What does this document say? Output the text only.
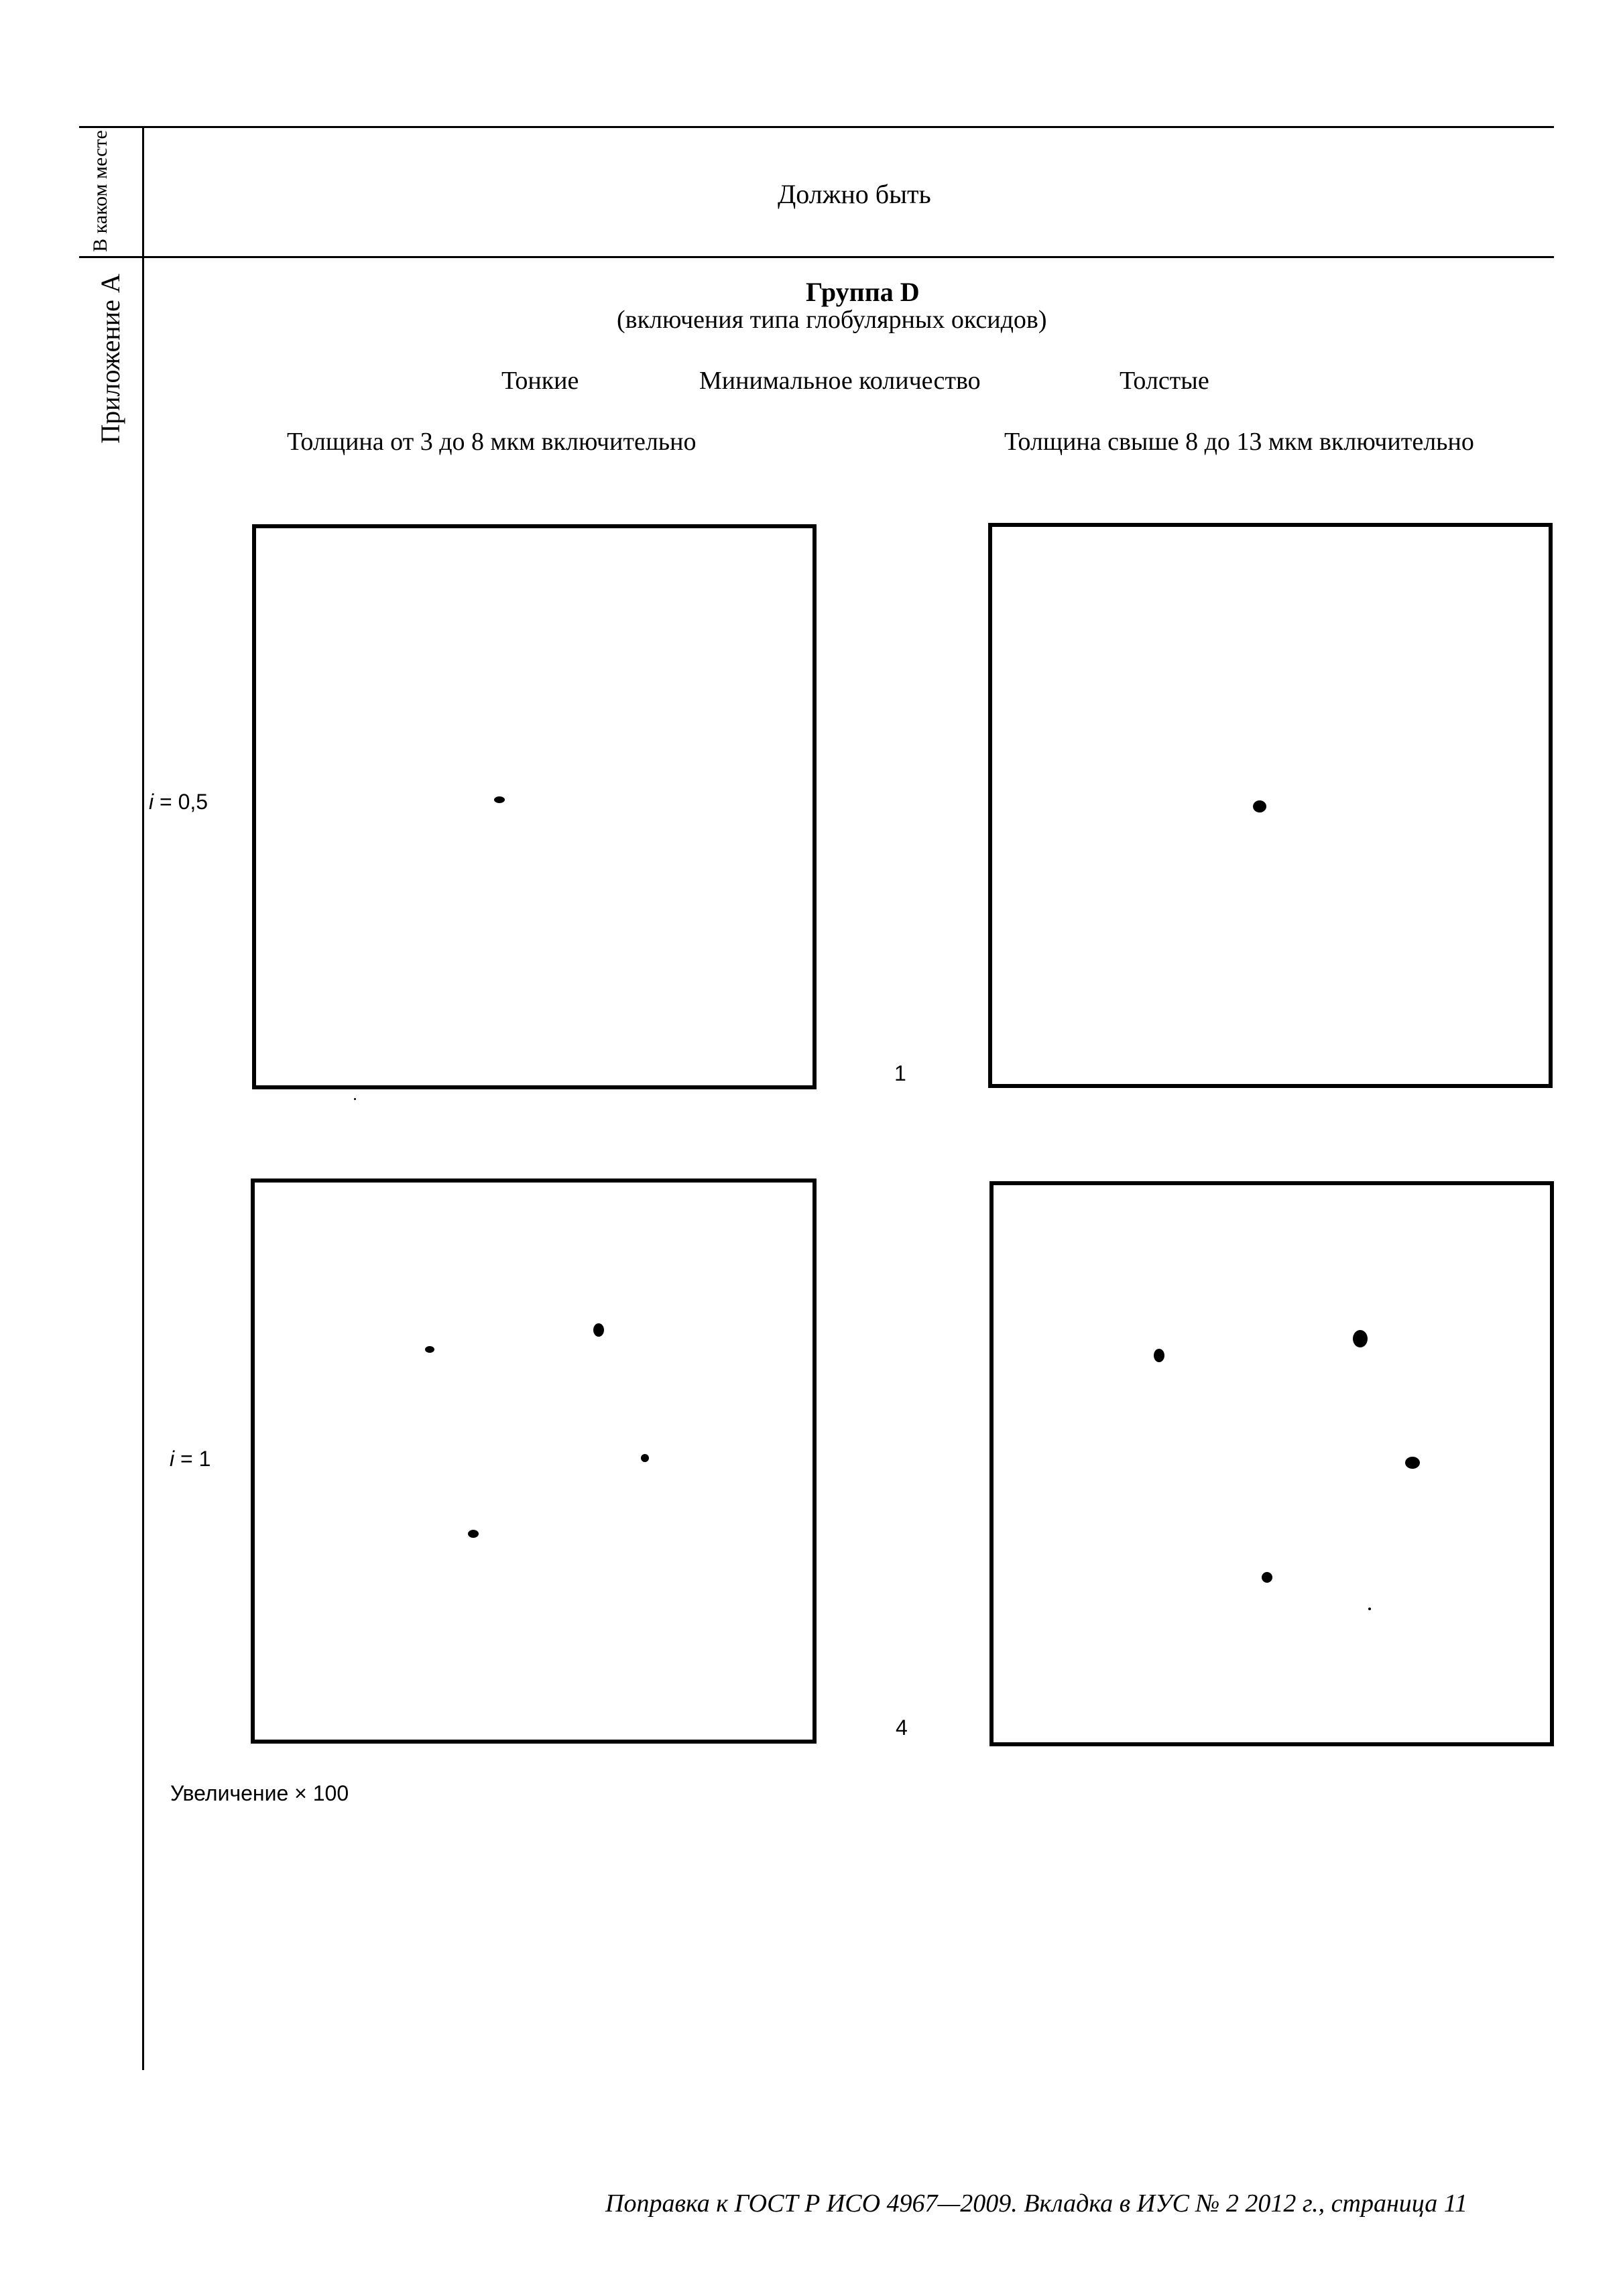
В каком месте	Должно быть
Приложение А	Группа D
(включения типа глобулярных оксидов)
Тонкие	Минимальное количество	Толстые
Толщина от 3 до 8 мкм включительно	Толщина свыше 8 до 13 мкм включительно
i = 0,5
1
i = 1
4
Увеличение × 100
Поправка к ГОСТ Р ИСО 4967—2009. Вкладка в ИУС № 2 2012 г., страница 11
